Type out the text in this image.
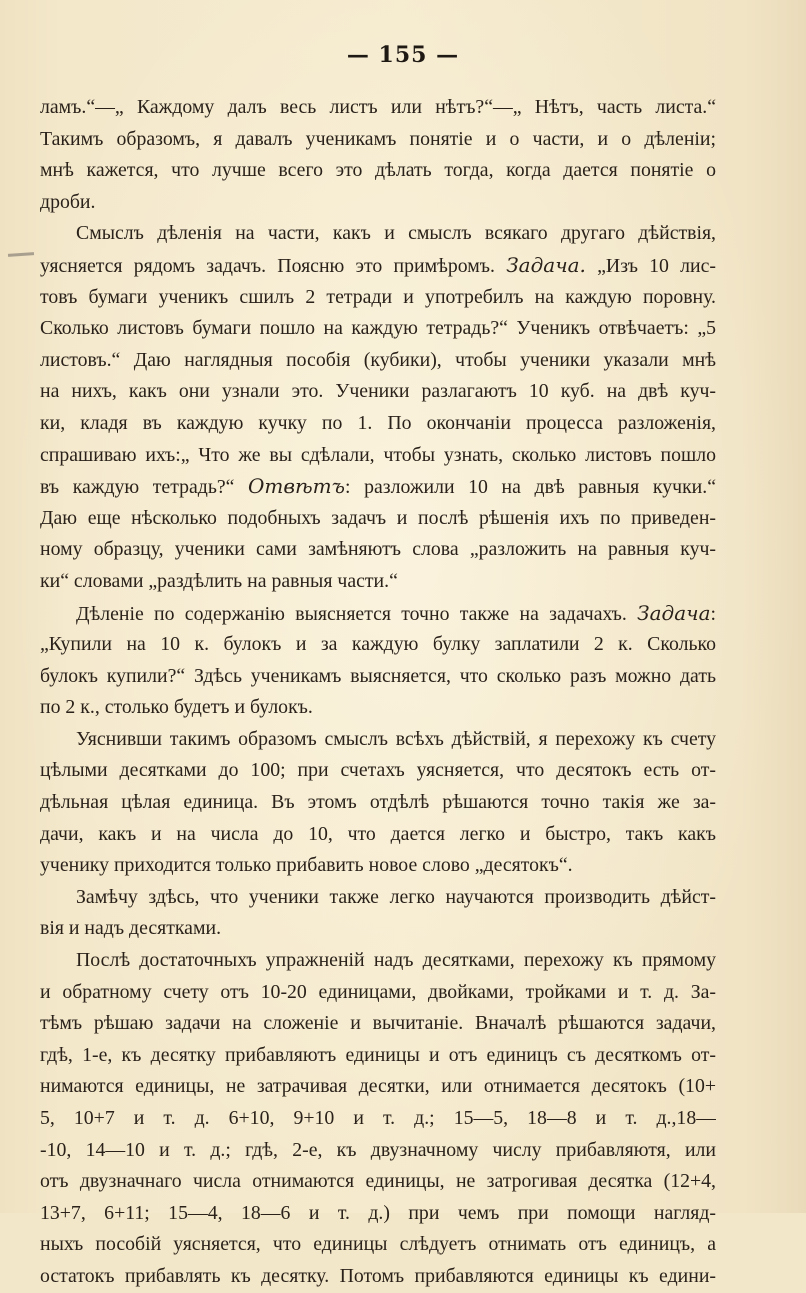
— 155 —
ламъ.“—„ Каждому далъ весь листъ или нѣтъ?“—„ Нѣтъ, часть листа.“
Такимъ образомъ, я давалъ ученикамъ понятіе и о части, и о дѣленіи;
мнѣ кажется, что лучше всего это дѣлать тогда, когда дается понятіе о
дроби.
Смыслъ дѣленія на части, какъ и смыслъ всякаго другаго дѣйствія,
уясняется рядомъ задачъ. Поясню это примѣромъ. Задача. „Изъ 10 лис-
товъ бумаги ученикъ сшилъ 2 тетради и употребилъ на каждую поровну.
Сколько листовъ бумаги пошло на каждую тетрадь?“ Ученикъ отвѣчаетъ: „5
листовъ.“ Даю наглядныя пособія (кубики), чтобы ученики указали мнѣ
на нихъ, какъ они узнали это. Ученики разлагаютъ 10 куб. на двѣ куч-
ки, кладя въ каждую кучку по 1. По окончаніи процесса разложенія,
спрашиваю ихъ:„ Что же вы сдѣлали, чтобы узнать, сколько листовъ пошло
въ каждую тетрадь?“ Отвѣтъ: разложили 10 на двѣ равныя кучки.“
Даю еще нѣсколько подобныхъ задачъ и послѣ рѣшенія ихъ по приведен-
ному образцу, ученики сами замѣняютъ слова „разложить на равныя куч-
ки“ словами „раздѣлить на равныя части.“
Дѣленіе по содержанію выясняется точно также на задачахъ. Задача:
„Купили на 10 к. булокъ и за каждую булку заплатили 2 к. Сколько
булокъ купили?“ Здѣсь ученикамъ выясняется, что сколько разъ можно дать
по 2 к., столько будетъ и булокъ.
Уяснивши такимъ образомъ смыслъ всѣхъ дѣйствій, я перехожу къ счету
цѣлыми десятками до 100; при счетахъ уясняется, что десятокъ есть от-
дѣльная цѣлая единица. Въ этомъ отдѣлѣ рѣшаются точно такія же за-
дачи, какъ и на числа до 10, что дается легко и быстро, такъ какъ
ученику приходится только прибавить новое слово „десятокъ“.
Замѣчу здѣсь, что ученики также легко научаются производить дѣйст-
вія и надъ десятками.
Послѣ достаточныхъ упражненій надъ десятками, перехожу къ прямому
и обратному счету отъ 10-20 единицами, двойками, тройками и т. д. За-
тѣмъ рѣшаю задачи на сложеніе и вычитаніе. Вначалѣ рѣшаются задачи,
гдѣ, 1-е, къ десятку прибавляютъ единицы и отъ единицъ съ десяткомъ от-
нимаются единицы, не затрачивая десятки, или отнимается десятокъ (10+
5, 10+7 и т. д. 6+10, 9+10 и т. д.; 15—5, 18—8 и т. д.,18—
-10, 14—10 и т. д.; гдѣ, 2-е, къ двузначному числу прибавляютя, или
отъ двузначнаго числа отнимаются единицы, не затрогивая десятка (12+4,
13+7, 6+11; 15—4, 18—6 и т. д.) при чемъ при помощи нагляд-
ныхъ пособій уясняется, что единицы слѣдуетъ отнимать отъ единицъ, а
остатокъ прибавлять къ десятку. Потомъ прибавляются единицы къ едини-
